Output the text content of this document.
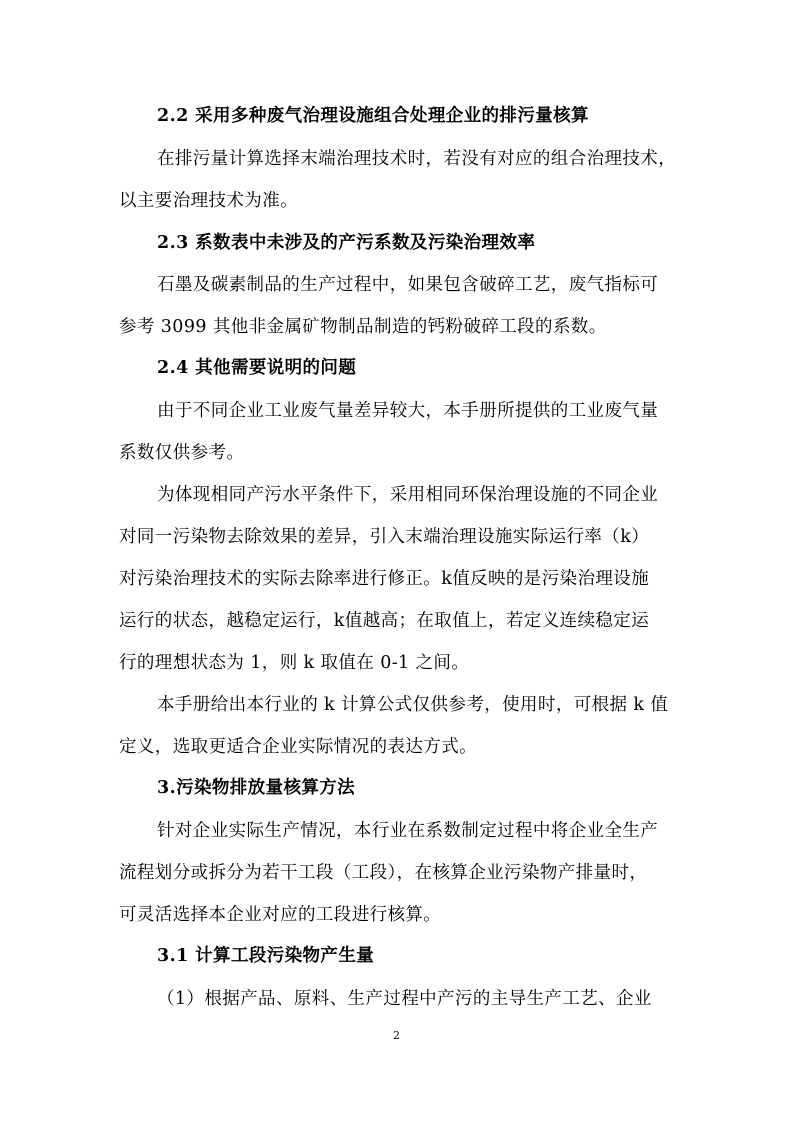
2.2 采用多种废气治理设施组合处理企业的排污量核算

在排污量计算选择末端治理技术时，若没有对应的组合治理技术，

以主要治理技术为准。

2.3 系数表中未涉及的产污系数及污染治理效率

石墨及碳素制品的生产过程中，如果包含破碎工艺，废气指标可

参考 3099 其他非金属矿物制品制造的钙粉破碎工段的系数。

2.4 其他需要说明的问题

由于不同企业工业废气量差异较大，本手册所提供的工业废气量

系数仅供参考。

为体现相同产污水平条件下，采用相同环保治理设施的不同企业

对同一污染物去除效果的差异，引入末端治理设施实际运行率（k）

对污染治理技术的实际去除率进行修正。k值反映的是污染治理设施

运行的状态，越稳定运行，k值越高；在取值上，若定义连续稳定运

行的理想状态为 1，则 k 取值在 0-1 之间。

本手册给出本行业的 k 计算公式仅供参考，使用时，可根据 k 值

定义，选取更适合企业实际情况的表达方式。

3.污染物排放量核算方法

针对企业实际生产情况，本行业在系数制定过程中将企业全生产

流程划分或拆分为若干工段（工段），在核算企业污染物产排量时，

可灵活选择本企业对应的工段进行核算。

3.1 计算工段污染物产生量

（1）根据产品、原料、生产过程中产污的主导生产工艺、企业

2
